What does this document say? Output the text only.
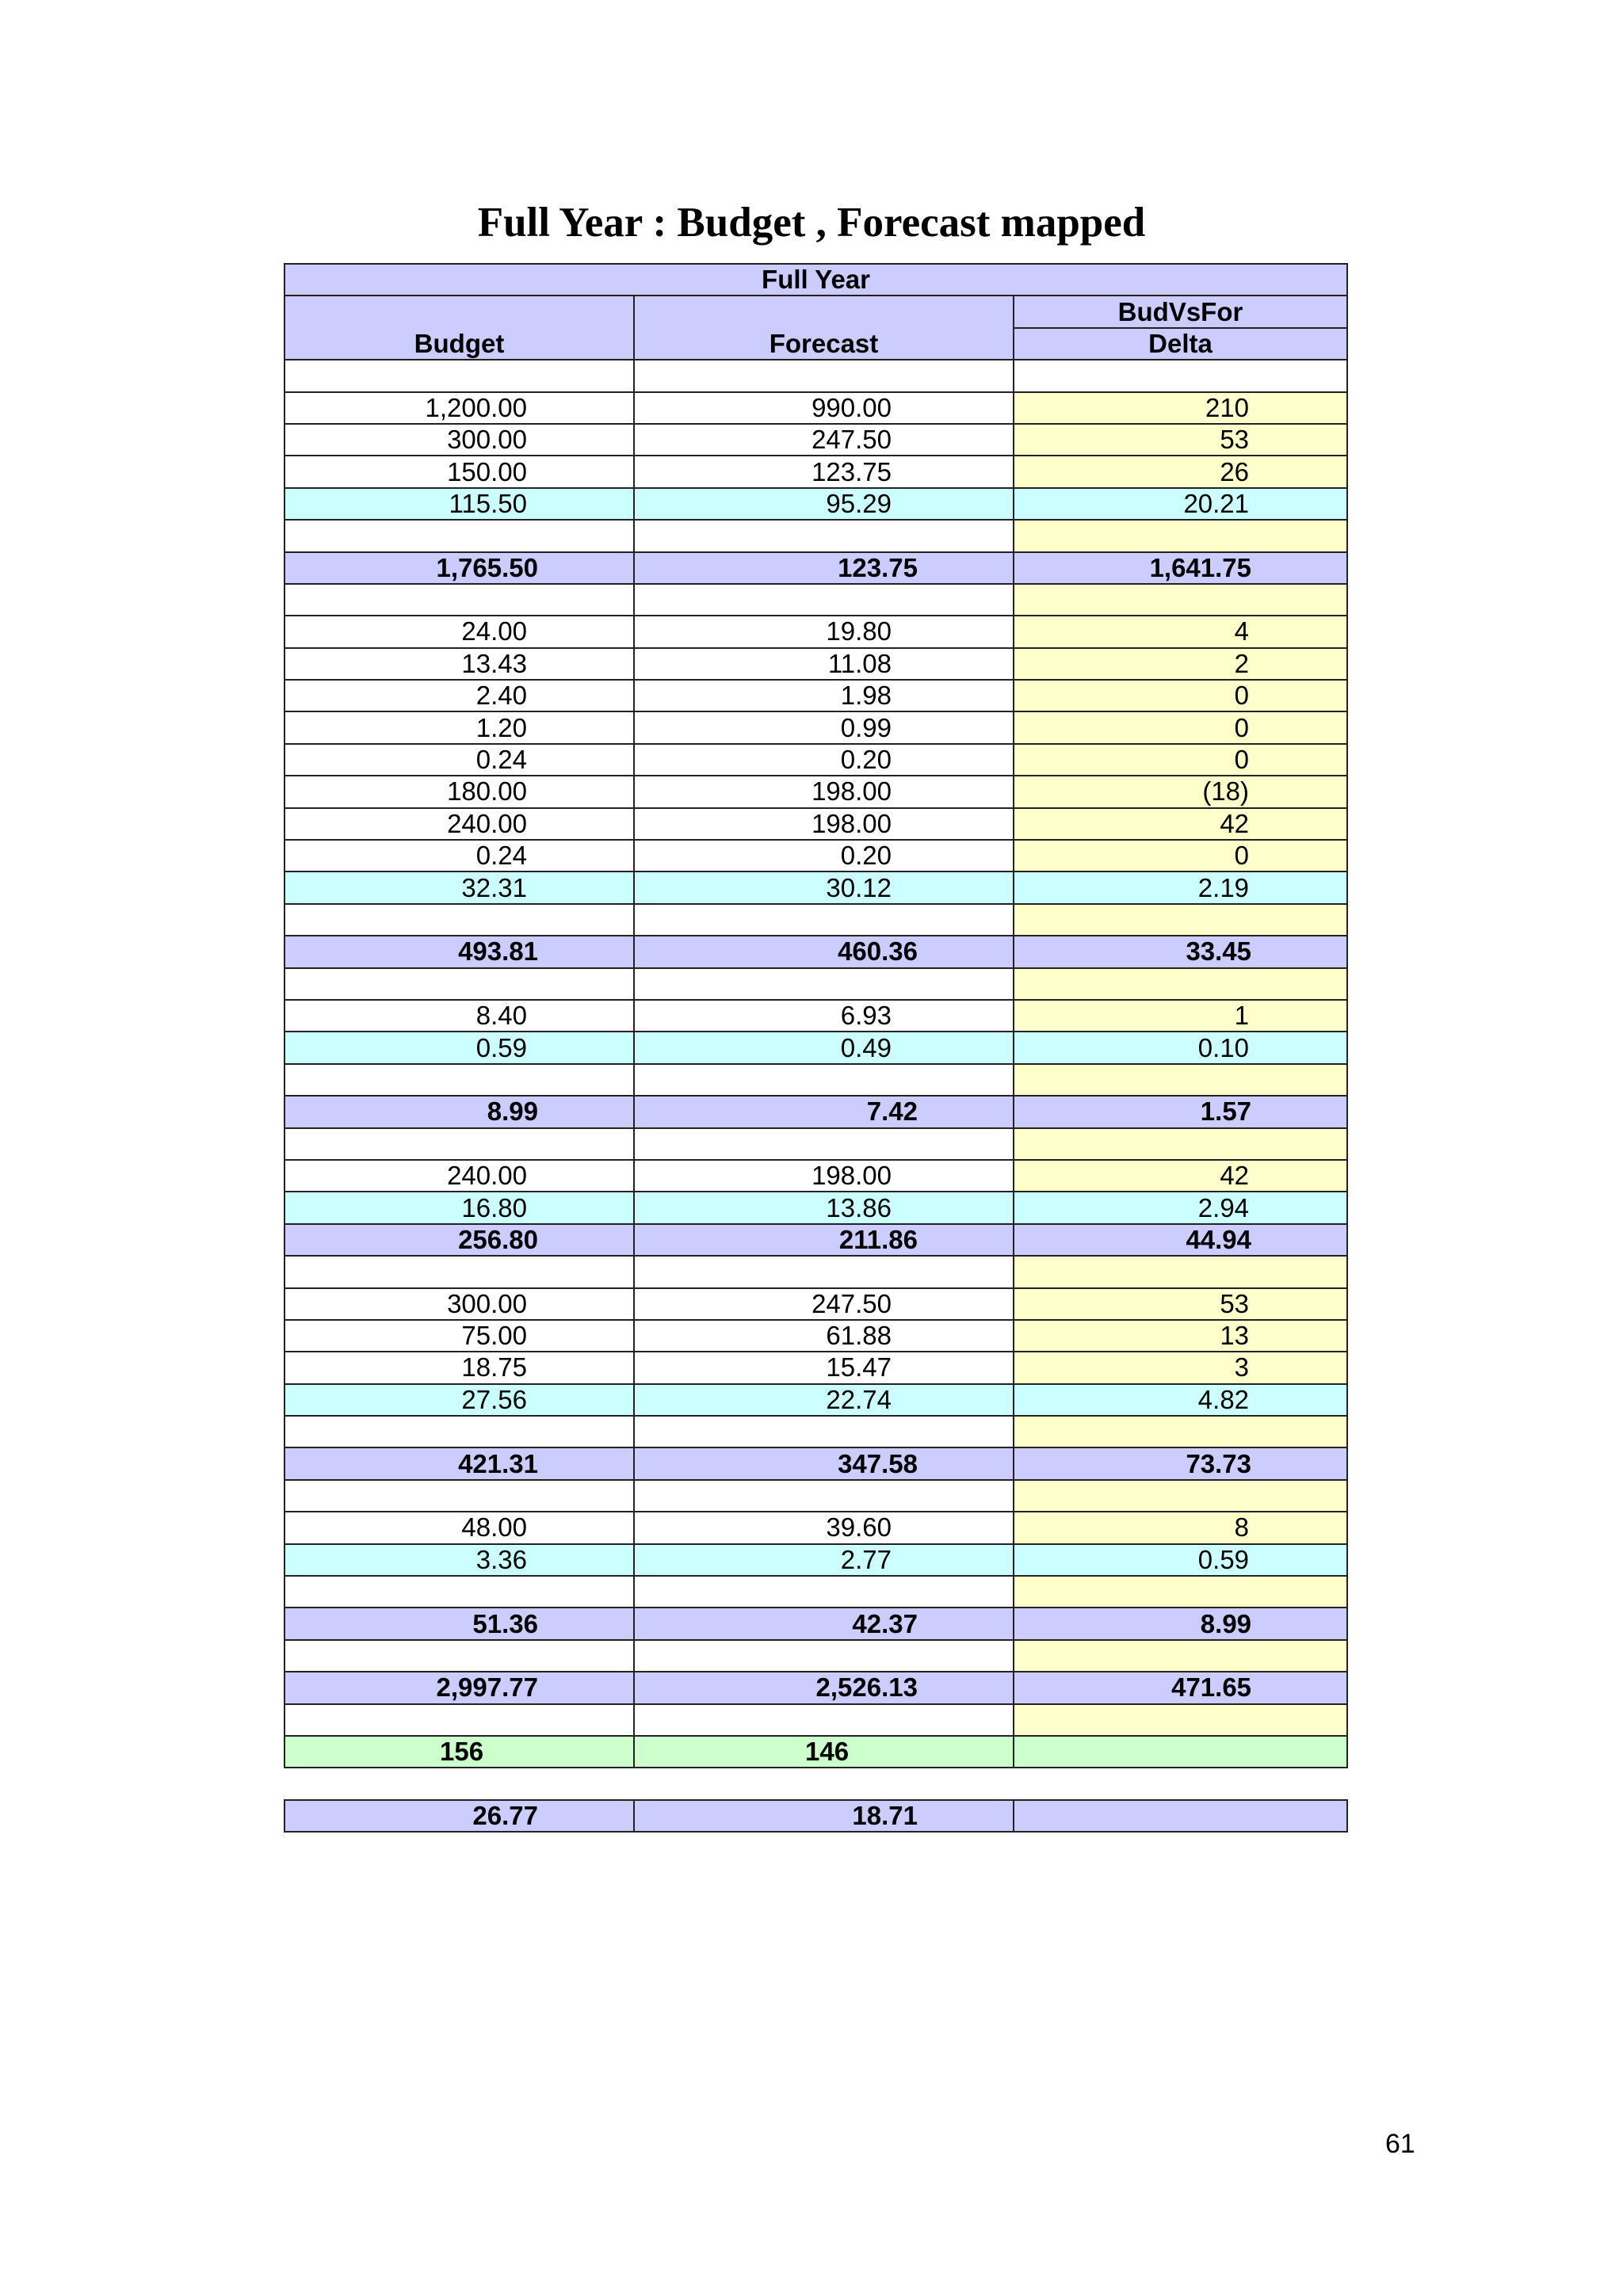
Full Year : Budget , Forecast mapped
Full Year		
Budget	Forecast	BudVsFor
		Delta

1,200.00	990.00	210
300.00	247.50	53
150.00	123.75	26
115.50	95.29	20.21

1,765.50	123.75	1,641.75

24.00	19.80	4
13.43	11.08	2
2.40	1.98	0
1.20	0.99	0
0.24	0.20	0
180.00	198.00	(18)
240.00	198.00	42
0.24	0.20	0
32.31	30.12	2.19

493.81	460.36	33.45

8.40	6.93	1
0.59	0.49	0.10

8.99	7.42	1.57

240.00	198.00	42
16.80	13.86	2.94
256.80	211.86	44.94

300.00	247.50	53
75.00	61.88	13
18.75	15.47	3
27.56	22.74	4.82

421.31	347.58	73.73

48.00	39.60	8
3.36	2.77	0.59

51.36	42.37	8.99

2,997.77	2,526.13	471.65

156	146	

26.77	18.71	
61
